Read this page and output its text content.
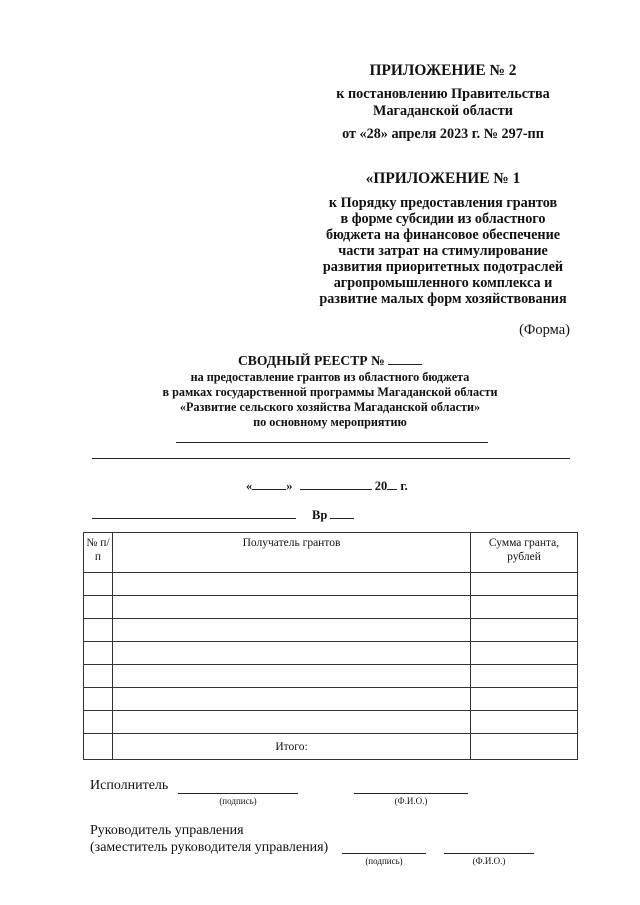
ПРИЛОЖЕНИЕ № 2
к постановлению Правительства
Магаданской области
от «28» апреля 2023 г. № 297-пп
«ПРИЛОЖЕНИЕ № 1
к Порядку предоставления грантов
в форме субсидии из областного
бюджета на финансовое обеспечение
части затрат на стимулирование
развития приоритетных подотраслей
агропромышленного комплекса и
развитие малых форм хозяйствования
(Форма)
СВОДНЫЙ РЕЕСТР №
на предоставление грантов из областного бюджета
в рамках государственной программы Магаданской области
«Развитие сельского хозяйства Магаданской области»
по основному мероприятию
«	»	20 г.
Вр
№ п/п	Получатель грантов	Сумма гранта, рублей

	Итого:	
Исполнитель
(подпись)	(Ф.И.О.)
Руководитель управления
(заместитель руководителя управления)
(подпись)	(Ф.И.О.)
